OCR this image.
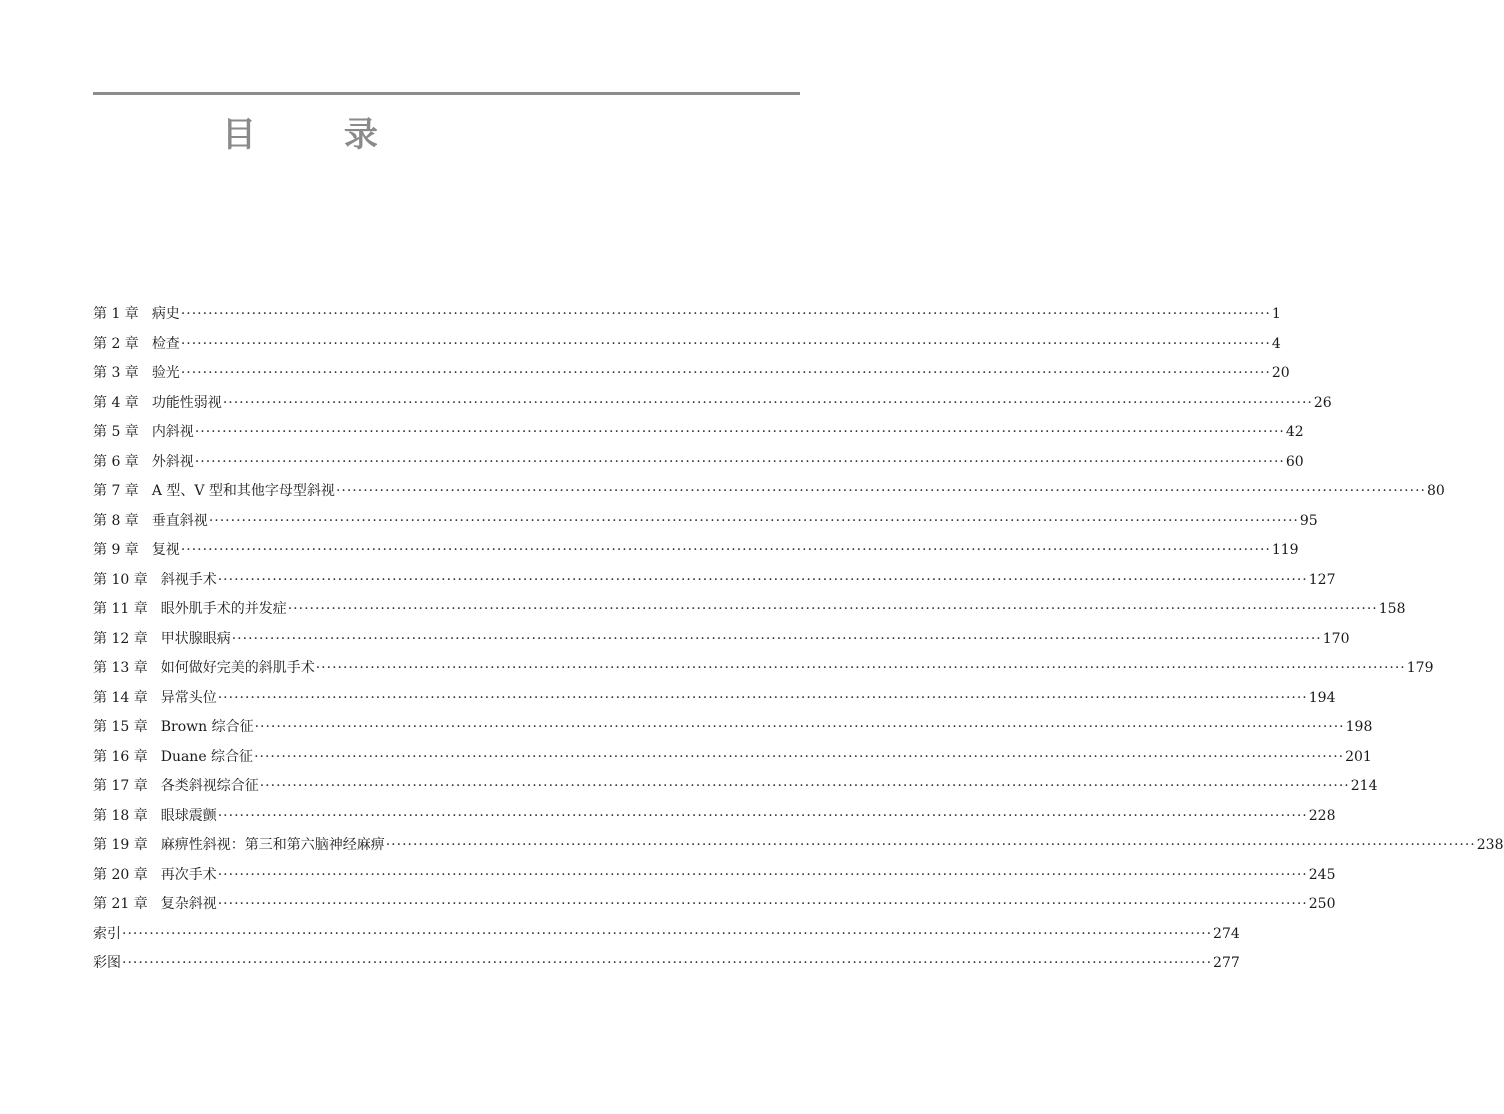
目 录
第 1 章 病史 ········································································································································································································ 1
第 2 章 检查 ········································································································································································································ 4
第 3 章 验光 ········································································································································································································ 20
第 4 章 功能性弱视 ········································································································································································································ 26
第 5 章 内斜视 ········································································································································································································ 42
第 6 章 外斜视 ········································································································································································································ 60
第 7 章 A 型、V 型和其他字母型斜视 ········································································································································································································ 80
第 8 章 垂直斜视 ········································································································································································································ 95
第 9 章 复视 ········································································································································································································ 119
第 10 章 斜视手术 ········································································································································································································ 127
第 11 章 眼外肌手术的并发症 ········································································································································································································ 158
第 12 章 甲状腺眼病 ········································································································································································································ 170
第 13 章 如何做好完美的斜肌手术 ········································································································································································································ 179
第 14 章 异常头位 ········································································································································································································ 194
第 15 章 Brown 综合征 ········································································································································································································ 198
第 16 章 Duane 综合征 ········································································································································································································ 201
第 17 章 各类斜视综合征 ········································································································································································································ 214
第 18 章 眼球震颤 ········································································································································································································ 228
第 19 章 麻痹性斜视：第三和第六脑神经麻痹 ········································································································································································································ 238
第 20 章 再次手术 ········································································································································································································ 245
第 21 章 复杂斜视 ········································································································································································································ 250
索引 ········································································································································································································ 274
彩图 ········································································································································································································ 277
